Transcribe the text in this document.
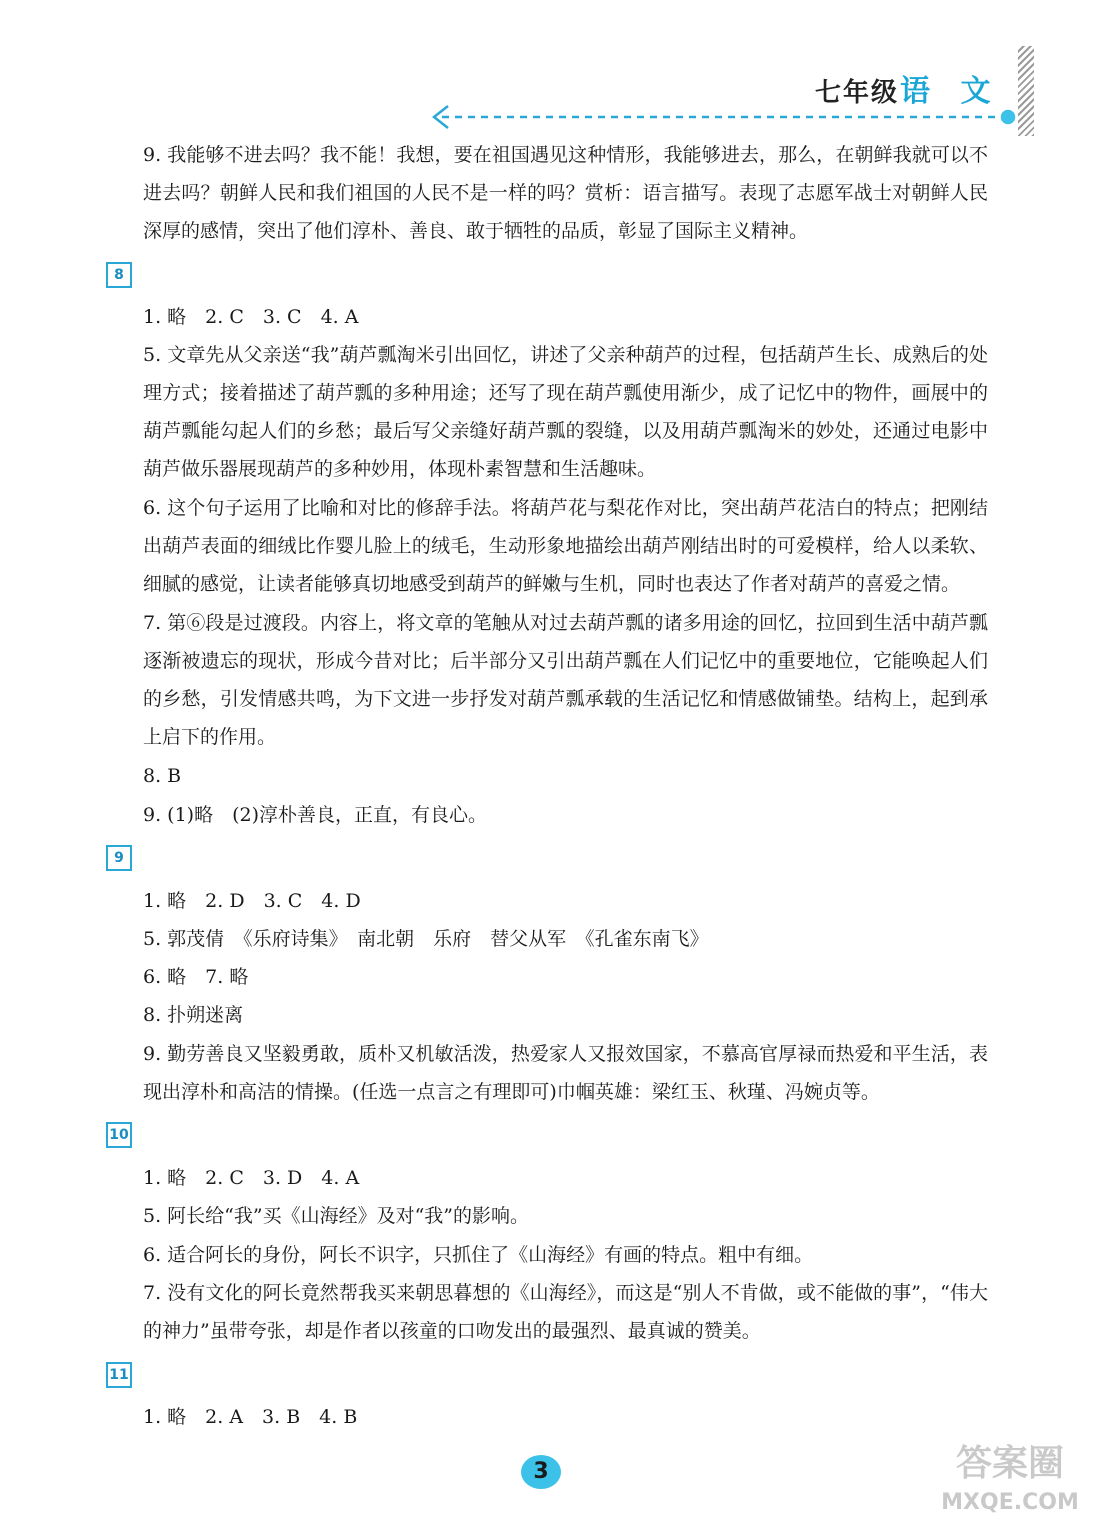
七年级 语 文
9. 我能够不进去吗？我不能！我想，要在祖国遇见这种情形，我能够进去，那么，在朝鲜我就可以不进去吗？朝鲜人民和我们祖国的人民不是一样的吗？赏析：语言描写。表现了志愿军战士对朝鲜人民深厚的感情，突出了他们淳朴、善良、敢于牺牲的品质，彰显了国际主义精神。
8
1. 略　2. C　3. C　4. A
5. 文章先从父亲送“我”葫芦瓢淘米引出回忆，讲述了父亲种葫芦的过程，包括葫芦生长、成熟后的处理方式；接着描述了葫芦瓢的多种用途；还写了现在葫芦瓢使用渐少，成了记忆中的物件，画展中的葫芦瓢能勾起人们的乡愁；最后写父亲缝好葫芦瓢的裂缝，以及用葫芦瓢淘米的妙处，还通过电影中葫芦做乐器展现葫芦的多种妙用，体现朴素智慧和生活趣味。
6. 这个句子运用了比喻和对比的修辞手法。将葫芦花与梨花作对比，突出葫芦花洁白的特点；把刚结出葫芦表面的细绒比作婴儿脸上的绒毛，生动形象地描绘出葫芦刚结出时的可爱模样，给人以柔软、细腻的感觉，让读者能够真切地感受到葫芦的鲜嫩与生机，同时也表达了作者对葫芦的喜爱之情。
7. 第⑥段是过渡段。内容上，将文章的笔触从对过去葫芦瓢的诸多用途的回忆，拉回到生活中葫芦瓢逐渐被遗忘的现状，形成今昔对比；后半部分又引出葫芦瓢在人们记忆中的重要地位，它能唤起人们的乡愁，引发情感共鸣，为下文进一步抒发对葫芦瓢承载的生活记忆和情感做铺垫。结构上，起到承上启下的作用。
8. B
9. (1)略　(2)淳朴善良，正直，有良心。
9
1. 略　2. D　3. C　4. D
5. 郭茂倩　《乐府诗集》　南北朝　乐府　替父从军　《孔雀东南飞》
6. 略　7. 略
8. 扑朔迷离
9. 勤劳善良又坚毅勇敢，质朴又机敏活泼，热爱家人又报效国家，不慕高官厚禄而热爱和平生活，表现出淳朴和高洁的情操。(任选一点言之有理即可)巾帼英雄：梁红玉、秋瑾、冯婉贞等。
10
1. 略　2. C　3. D　4. A
5. 阿长给“我”买《山海经》及对“我”的影响。
6. 适合阿长的身份，阿长不识字，只抓住了《山海经》有画的特点。粗中有细。
7. 没有文化的阿长竟然帮我买来朝思暮想的《山海经》，而这是“别人不肯做，或不能做的事”，“伟大的神力”虽带夸张，却是作者以孩童的口吻发出的最强烈、最真诚的赞美。
11
1. 略　2. A　3. B　4. B
3	答案圈
MXQE.COM
